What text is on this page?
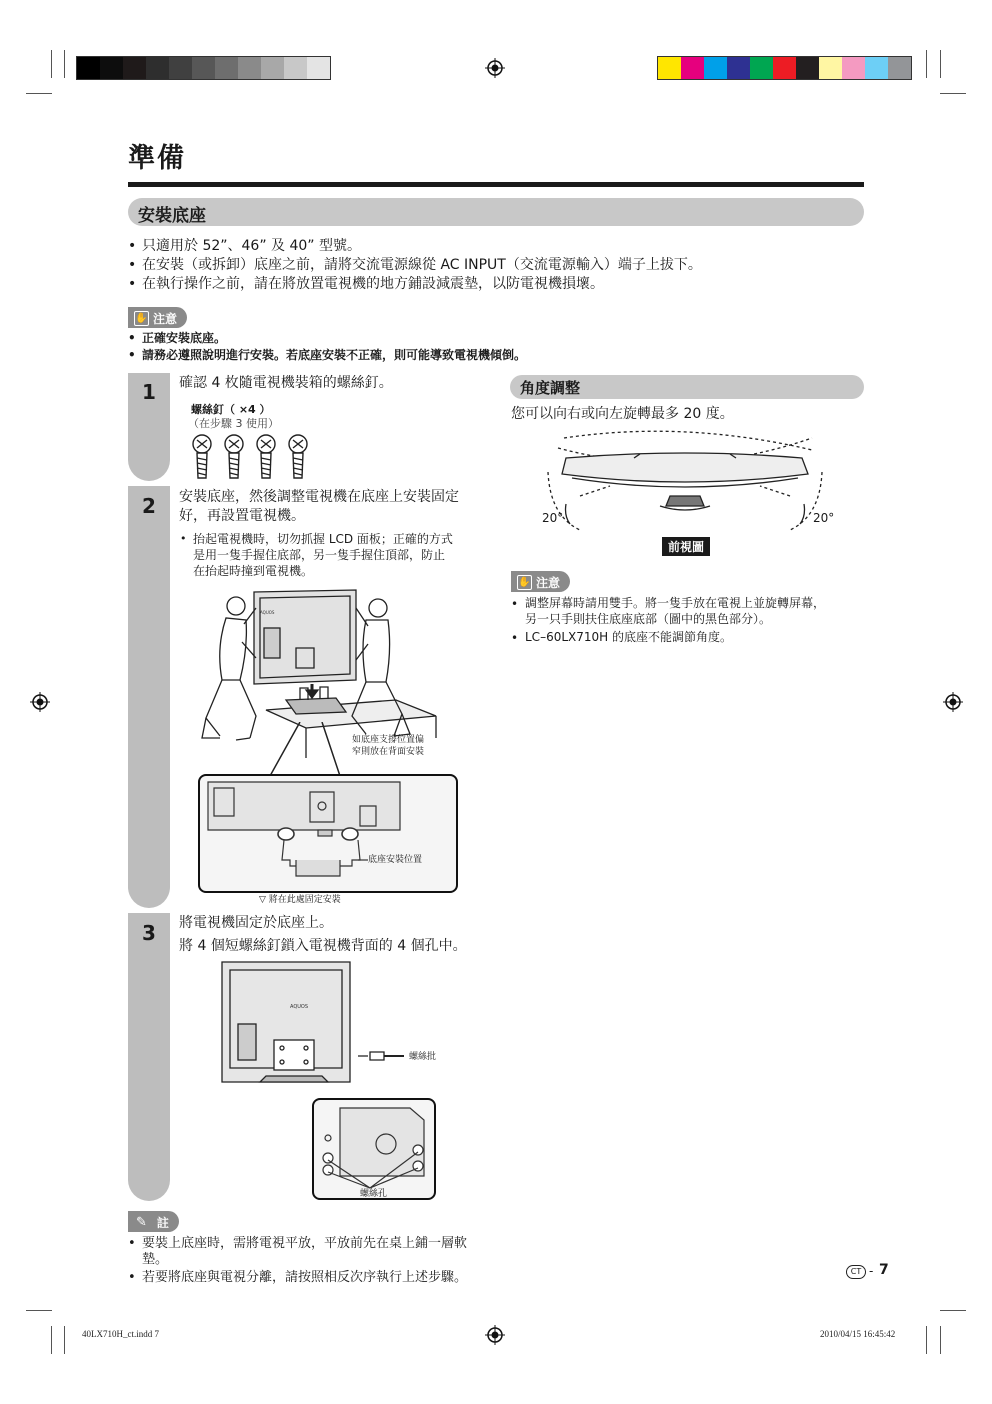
準備
安裝底座
• 只適用於 52”、46” 及 40” 型號。
• 在安裝（或拆卸）底座之前，請將交流電源線從 AC INPUT（交流電源輸入）端子上拔下。
• 在執行操作之前，請在將放置電視機的地方鋪設減震墊，以防電視機損壞。
✋ 注意
• 正確安裝底座。
• 請務必遵照說明進行安裝。若底座安裝不正確，則可能導致電視機傾倒。
1
2
3
確認 4 枚隨電視機裝箱的螺絲釘。
螺絲釘（ ×4 ）
（在步驟 3 使用）
安裝底座，然後調整電視機在底座上安裝固定
好，再設置電視機。
• 抬起電視機時，切勿抓握 LCD 面板；正確的方式
是用一隻手握住底部，另一隻手握住頂部，防止
在抬起時撞到電視機。
AQUOS
如底座支撐位置偏
窄則放在背面安裝
底座安裝位置
▽ 將在此處固定安裝
將電視機固定於底座上。
將 4 個短螺絲釘鎖入電視機背面的 4 個孔中。
AQUOS
螺絲批
螺絲孔
✎ 註
• 要裝上底座時，需將電視平放，平放前先在桌上鋪一層軟
墊。
• 若要將底座與電視分離，請按照相反次序執行上述步驟。
角度調整
您可以向右或向左旋轉最多 20 度。
20°	20°
前視圖
✋ 注意
• 調整屏幕時請用雙手。將一隻手放在電視上並旋轉屏幕，
另一只手則扶住底座底部（圖中的黑色部分）。
• LC–60LX710H 的底座不能調節角度。
CT - 7
40LX710H_ct.indd 7	2010/04/15 16:45:42
